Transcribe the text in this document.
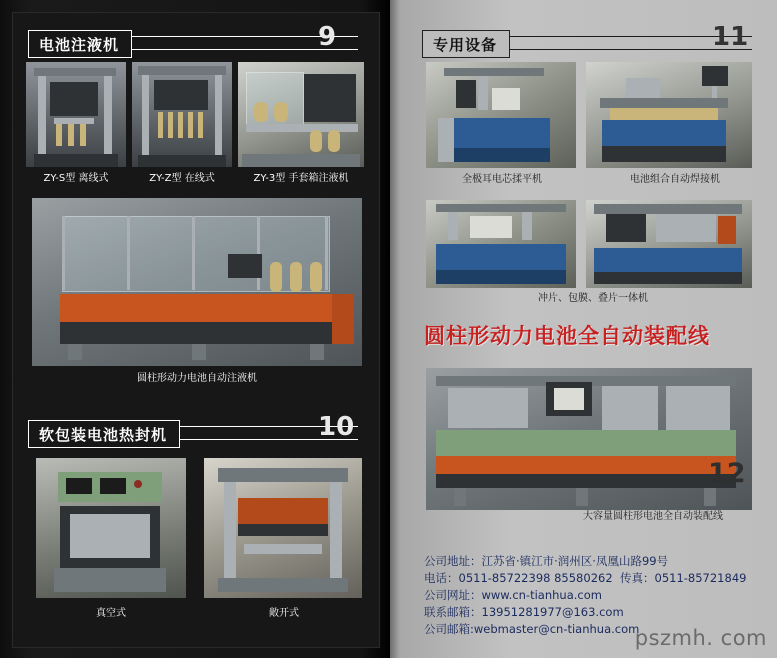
电池注液机	9
ZY-S型 离线式	ZY-Z型 在线式	ZY-3型 手套箱注液机
圆柱形动力电池自动注液机
软包装电池热封机	10
真空式	敞开式
专用设备	11
全极耳电芯揉平机	电池组合自动焊接机
冲片、包膜、叠片一体机
圆柱形动力电池全自动装配线
12
大容量圆柱形电池全自动装配线
公司地址：江苏省·镇江市·润州区·凤凰山路99号
电话：0511-85722398 85580262 传真：0511-85721849
公司网址：www.cn-tianhua.com
联系邮箱：13951281977@163.com
公司邮箱:webmaster@cn-tianhua.com
pszmh. com
